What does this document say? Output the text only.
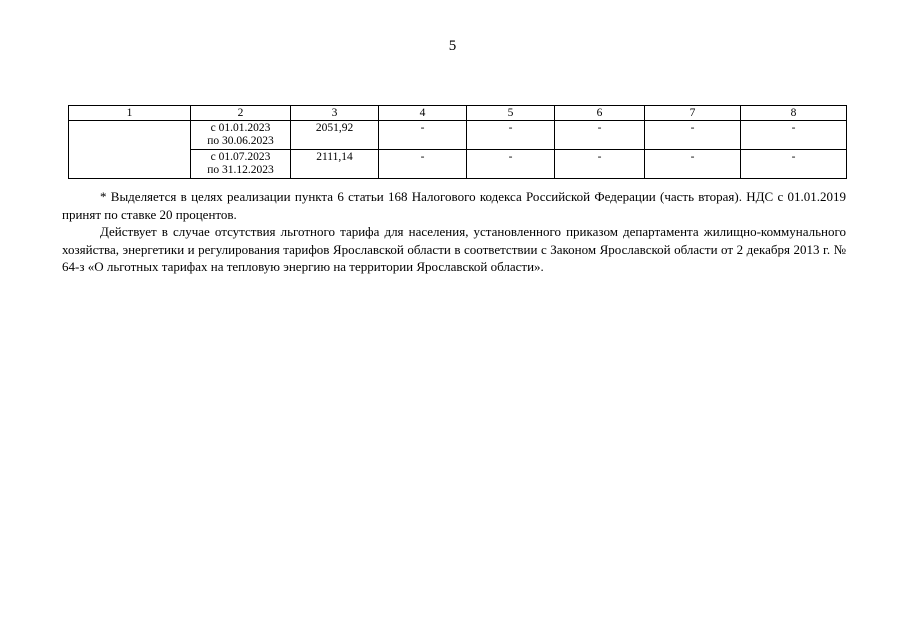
5
1	2	3	4	5	6	7	8

	с 01.01.2023
по 30.06.2023	2051,92	-	-	-	-	-

	с 01.07.2023
по 31.12.2023	2111,14	-	-	-	-	-

* Выделяется в целях реализации пункта 6 статьи 168 Налогового кодекса Российской Федерации (часть вторая). НДС с 01.01.2019 принят по ставке 20 процентов.

Действует в случае отсутствия льготного тарифа для населения, установленного приказом департамента жилищно-коммунального хозяйства, энергетики и регулирования тарифов Ярославской области в соответствии с Законом Ярославской области от 2 декабря 2013 г. № 64-з «О льготных тарифах на тепловую энергию на территории Ярославской области».
